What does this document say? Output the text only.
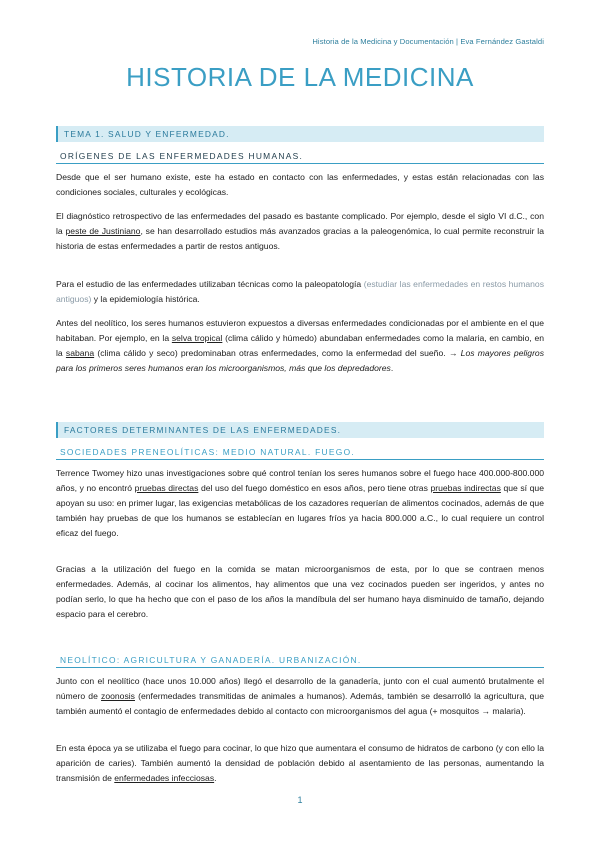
Historia de la Medicina y Documentación | Eva Fernández Gastaldi
HISTORIA DE LA MEDICINA
TEMA 1. SALUD Y ENFERMEDAD.
ORÍGENES DE LAS ENFERMEDADES HUMANAS.
Desde que el ser humano existe, este ha estado en contacto con las enfermedades, y estas están relacionadas con las condiciones sociales, culturales y ecológicas.
El diagnóstico retrospectivo de las enfermedades del pasado es bastante complicado. Por ejemplo, desde el siglo VI d.C., con la peste de Justiniano, se han desarrollado estudios más avanzados gracias a la paleogenómica, lo cual permite reconstruir la historia de estas enfermedades a partir de restos antiguos.
Para el estudio de las enfermedades utilizaban técnicas como la paleopatología (estudiar las enfermedades en restos humanos antiguos) y la epidemiología histórica.
Antes del neolítico, los seres humanos estuvieron expuestos a diversas enfermedades condicionadas por el ambiente en el que habitaban. Por ejemplo, en la selva tropical (clima cálido y húmedo) abundaban enfermedades como la malaria, en cambio, en la sabana (clima cálido y seco) predominaban otras enfermedades, como la enfermedad del sueño. → Los mayores peligros para los primeros seres humanos eran los microorganismos, más que los depredadores.
FACTORES DETERMINANTES DE LAS ENFERMEDADES.
SOCIEDADES PRENEOLÍTICAS: MEDIO NATURAL. FUEGO.
Terrence Twomey hizo unas investigaciones sobre qué control tenían los seres humanos sobre el fuego hace 400.000-800.000 años, y no encontró pruebas directas del uso del fuego doméstico en esos años, pero tiene otras pruebas indirectas que sí que apoyan su uso: en primer lugar, las exigencias metabólicas de los cazadores requerían de alimentos cocinados, además de que también hay pruebas de que los humanos se establecían en lugares fríos ya hacia 800.000 a.C., lo cual requiere un control eficaz del fuego.
Gracias a la utilización del fuego en la comida se matan microorganismos de esta, por lo que se contraen menos enfermedades. Además, al cocinar los alimentos, hay alimentos que una vez cocinados pueden ser ingeridos, y antes no podían serlo, lo que ha hecho que con el paso de los años la mandíbula del ser humano haya disminuido de tamaño, dejando espacio para el cerebro.
NEOLÍTICO: AGRICULTURA Y GANADERÍA. URBANIZACIÓN.
Junto con el neolítico (hace unos 10.000 años) llegó el desarrollo de la ganadería, junto con el cual aumentó brutalmente el número de zoonosis (enfermedades transmitidas de animales a humanos). Además, también se desarrolló la agricultura, que también aumentó el contagio de enfermedades debido al contacto con microorganismos del agua (+ mosquitos → malaria).
En esta época ya se utilizaba el fuego para cocinar, lo que hizo que aumentara el consumo de hidratos de carbono (y con ello la aparición de caries). También aumentó la densidad de población debido al asentamiento de las personas, aumentando la transmisión de enfermedades infecciosas.
1
